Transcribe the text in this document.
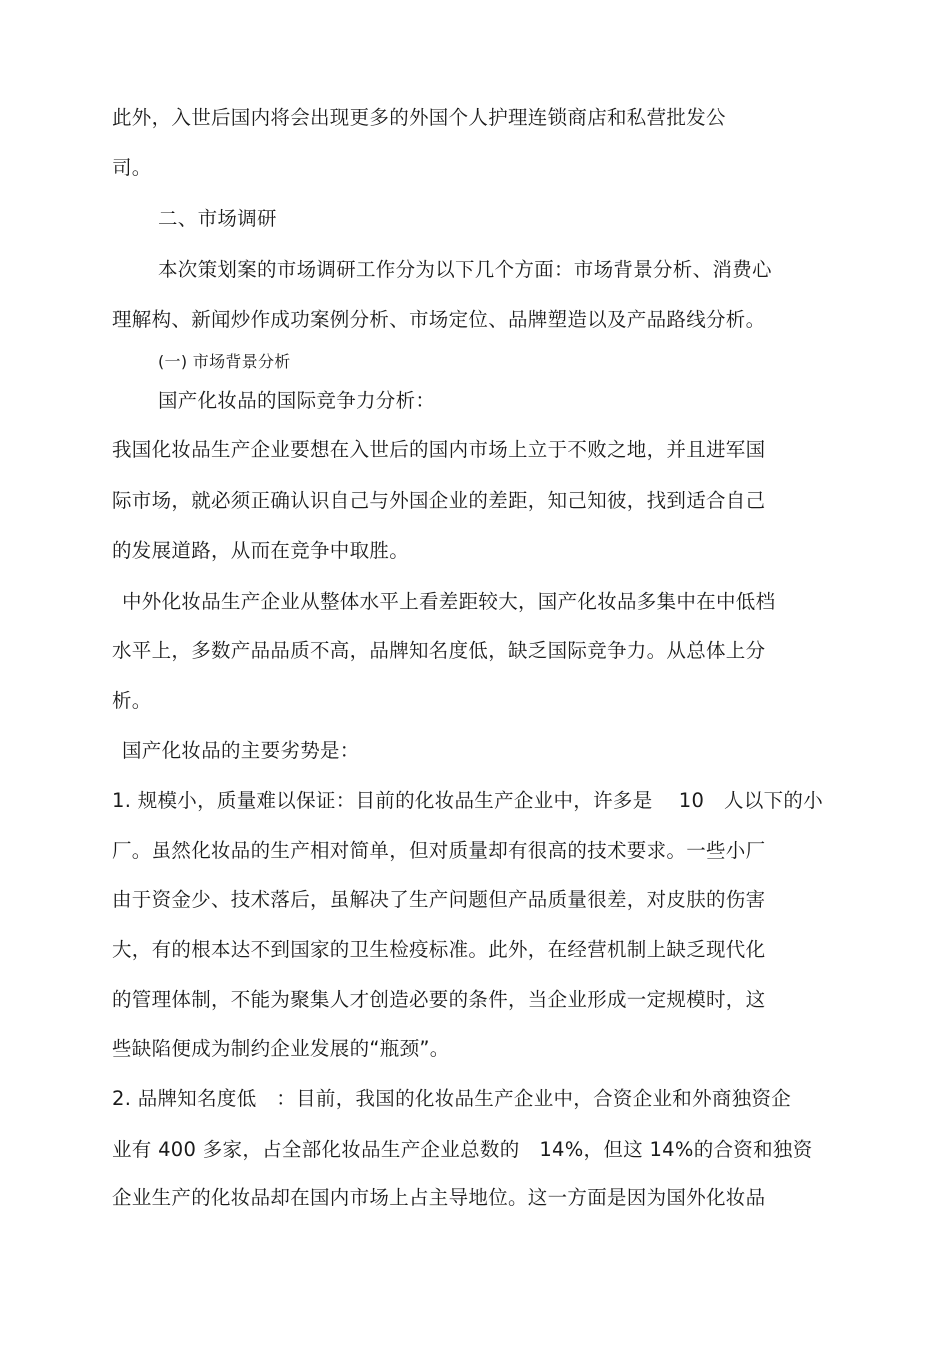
此外，入世后国内将会出现更多的外国个人护理连锁商店和私营批发公
司。
二、市场调研
本次策划案的市场调研工作分为以下几个方面：市场背景分析、消费心
理解构、新闻炒作成功案例分析、市场定位、品牌塑造以及产品路线分析。
(一) 市场背景分析
国产化妆品的国际竞争力分析：
我国化妆品生产企业要想在入世后的国内市场上立于不败之地，并且进军国
际市场，就必须正确认识自己与外国企业的差距，知己知彼，找到适合自己
的发展道路，从而在竞争中取胜。
中外化妆品生产企业从整体水平上看差距较大，国产化妆品多集中在中低档
水平上，多数产品品质不高，品牌知名度低，缺乏国际竞争力。从总体上分
析。
国产化妆品的主要劣势是：
1. 规模小，质量难以保证：目前的化妆品生产企业中，许多是　 10　人以下的小
厂。虽然化妆品的生产相对简单，但对质量却有很高的技术要求。一些小厂
由于资金少、技术落后，虽解决了生产问题但产品质量很差，对皮肤的伤害
大，有的根本达不到国家的卫生检疫标准。此外，在经营机制上缺乏现代化
的管理体制，不能为聚集人才创造必要的条件，当企业形成一定规模时，这
些缺陷便成为制约企业发展的“瓶颈”。
2. 品牌知名度低　：目前，我国的化妆品生产企业中，合资企业和外商独资企
业有 400 多家，占全部化妆品生产企业总数的　14%，但这 14%的合资和独资
企业生产的化妆品却在国内市场上占主导地位。这一方面是因为国外化妆品
